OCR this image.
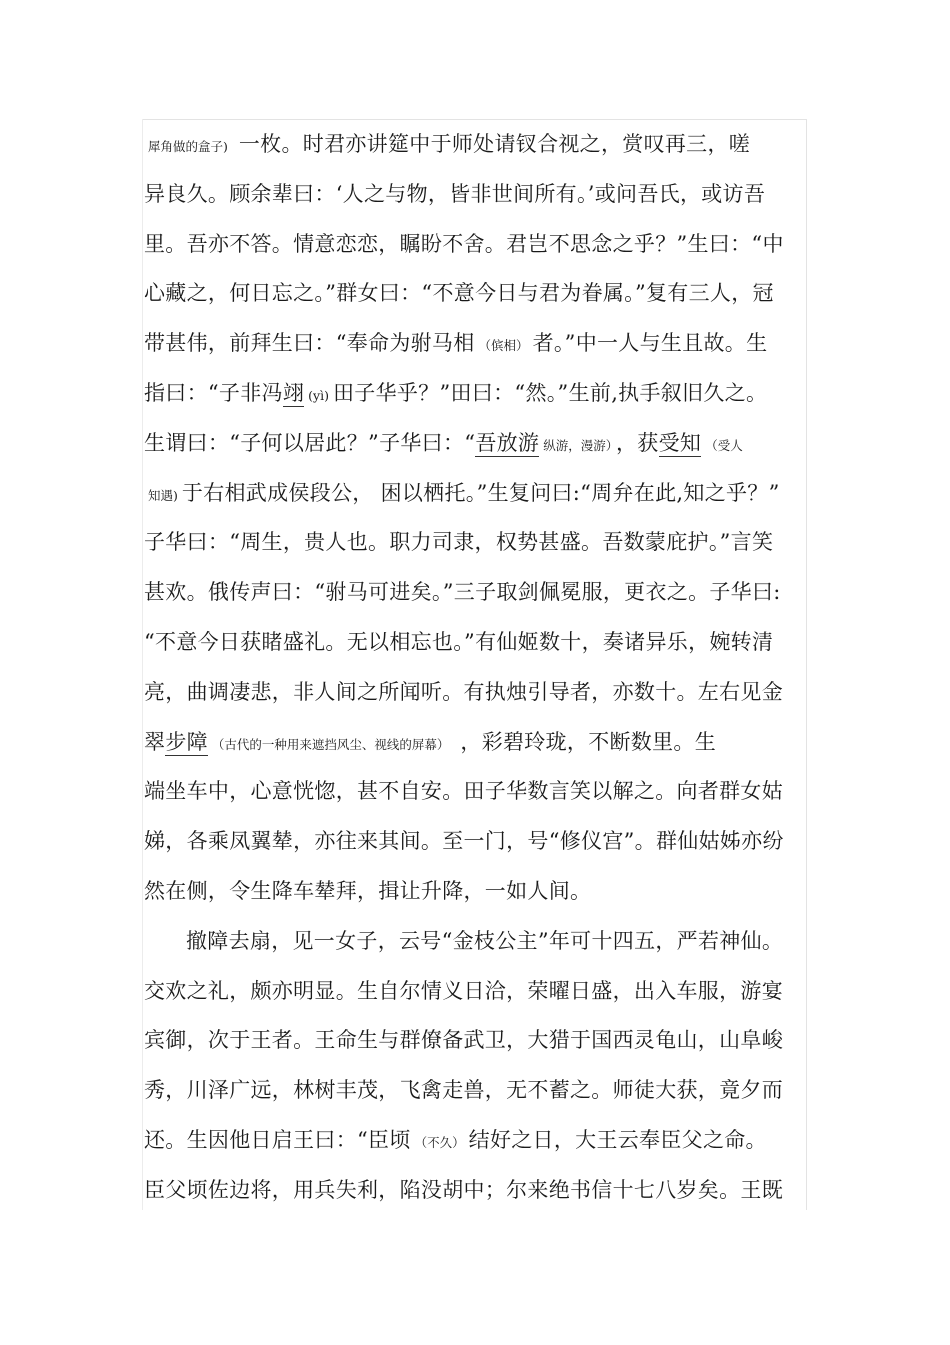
犀角做的盒子) 一枚。时君亦讲筵中于师处请钗合视之，赏叹再三，嗟
异良久。顾余辈曰：‘人之与物，皆非世间所有。’或问吾氏，或访吾
里。吾亦不答。情意恋恋，瞩盼不舍。君岂不思念之乎？”生曰：“中
心藏之，何日忘之。”群女曰：“不意今日与君为眷属。”复有三人，冠
带甚伟，前拜生曰：“奉命为驸马相 （傧相） 者。”中一人与生且故。生
指曰：“子非冯翊 (yì) 田子华乎？”田曰：“然。”生前,执手叙旧久之。
生谓曰：“子何以居此？”子华曰：“吾放游 纵游，漫游） ，获受知 （受人
知遇) 于右相武成侯段公， 困以栖托。”生复问曰:“周弁在此,知之乎？”
子华曰：“周生，贵人也。职力司隶，权势甚盛。吾数蒙庇护。”言笑
甚欢。俄传声曰：“驸马可进矣。”三子取剑佩冕服，更衣之。子华曰:
“不意今日获睹盛礼。无以相忘也。”有仙姬数十，奏诸异乐，婉转清
亮，曲调凄悲，非人间之所闻听。有执烛引导者，亦数十。左右见金
翠步障 （古代的一种用来遮挡风尘、视线的屏幕） ，彩碧玲珑，不断数里。生
端坐车中，心意恍惚，甚不自安。田子华数言笑以解之。向者群女姑
娣，各乘凤翼辇，亦往来其间。至一门，号“修仪宫”。群仙姑姊亦纷
然在侧，令生降车辇拜，揖让升降，一如人间。
撤障去扇，见一女子，云号“金枝公主”年可十四五，严若神仙。
交欢之礼，颇亦明显。生自尔情义日洽，荣曜日盛，出入车服，游宴
宾御，次于王者。王命生与群僚备武卫，大猎于国西灵龟山，山阜峻
秀，川泽广远，林树丰茂，飞禽走兽，无不蓄之。师徒大获，竟夕而
还。生因他日启王曰：“臣顷 （不久） 结好之日，大王云奉臣父之命。
臣父顷佐边将，用兵失利，陷没胡中；尔来绝书信十七八岁矣。王既
